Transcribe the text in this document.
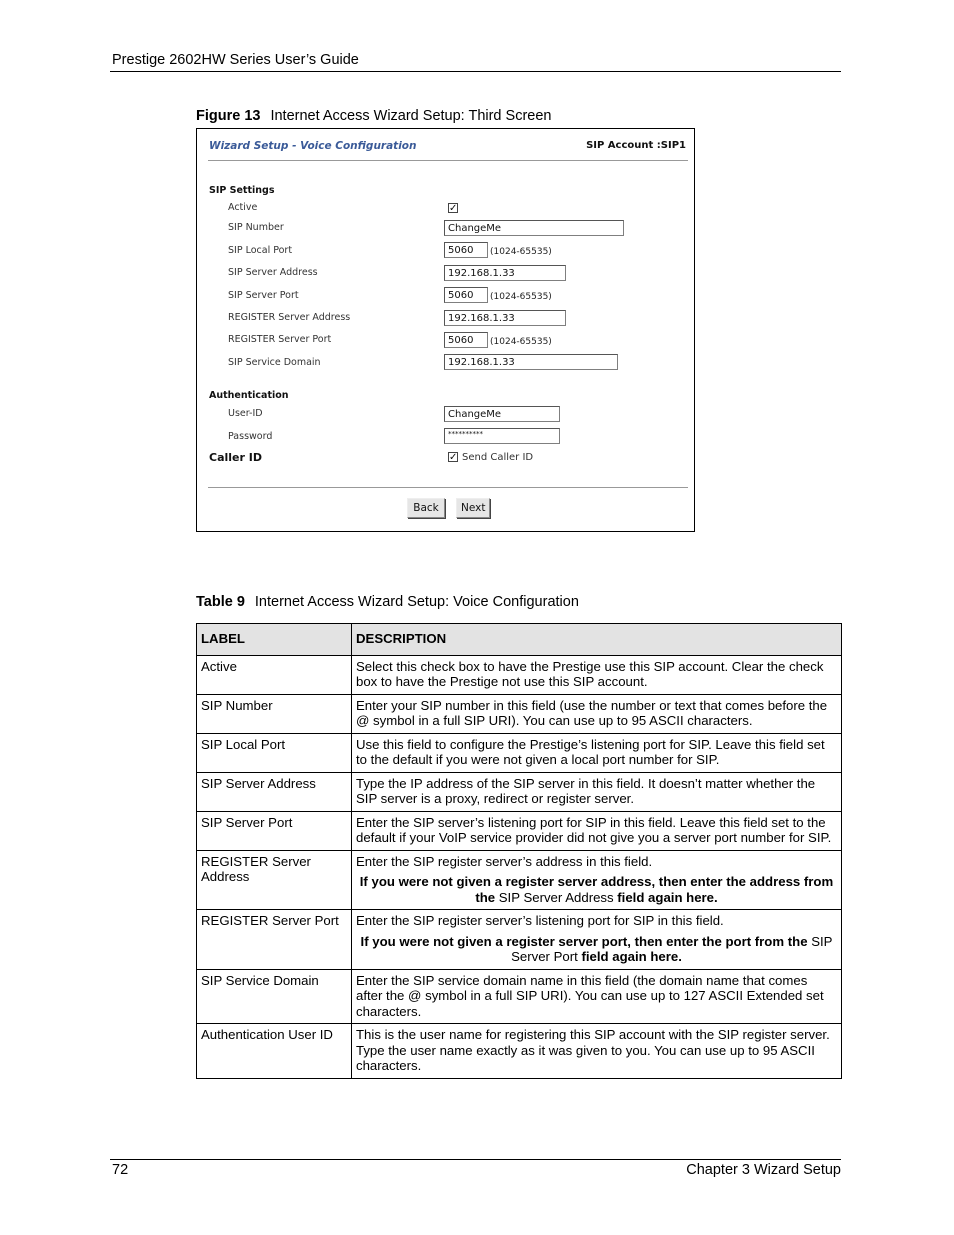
Prestige 2602HW Series User’s Guide
Figure 13 Internet Access Wizard Setup: Third Screen
Wizard Setup - Voice Configuration	SIP Account :SIP1
SIP Settings
Active	✓
SIP Number	ChangeMe
SIP Local Port	5060	(1024-65535)
SIP Server Address	192.168.1.33
SIP Server Port	5060	(1024-65535)
REGISTER Server Address	192.168.1.33
REGISTER Server Port	5060	(1024-65535)
SIP Service Domain	192.168.1.33
Authentication
User-ID	ChangeMe
Password	**********
Caller ID	✓ Send Caller ID
Back	Next
Table 9 Internet Access Wizard Setup: Voice Configuration
LABEL	DESCRIPTION
Active	Select this check box to have the Prestige use this SIP account. Clear the check box to have the Prestige not use this SIP account.
SIP Number	Enter your SIP number in this field (use the number or text that comes before the @ symbol in a full SIP URI). You can use up to 95 ASCII characters.
SIP Local Port	Use this field to configure the Prestige’s listening port for SIP. Leave this field set to the default if you were not given a local port number for SIP.
SIP Server Address	Type the IP address of the SIP server in this field. It doesn’t matter whether the SIP server is a proxy, redirect or register server.
SIP Server Port	Enter the SIP server’s listening port for SIP in this field. Leave this field set to the default if your VoIP service provider did not give you a server port number for SIP.
REGISTER Server Address	Enter the SIP register server’s address in this field.
If you were not given a register server address, then enter the address from the SIP Server Address field again here.

REGISTER Server Port	Enter the SIP register server’s listening port for SIP in this field.
If you were not given a register server port, then enter the port from the SIP Server Port field again here.

SIP Service Domain	Enter the SIP service domain name in this field (the domain name that comes after the @ symbol in a full SIP URI). You can use up to 127 ASCII Extended set characters.
Authentication User ID	This is the user name for registering this SIP account with the SIP register server. Type the user name exactly as it was given to you. You can use up to 95 ASCII characters.
72	Chapter 3 Wizard Setup
